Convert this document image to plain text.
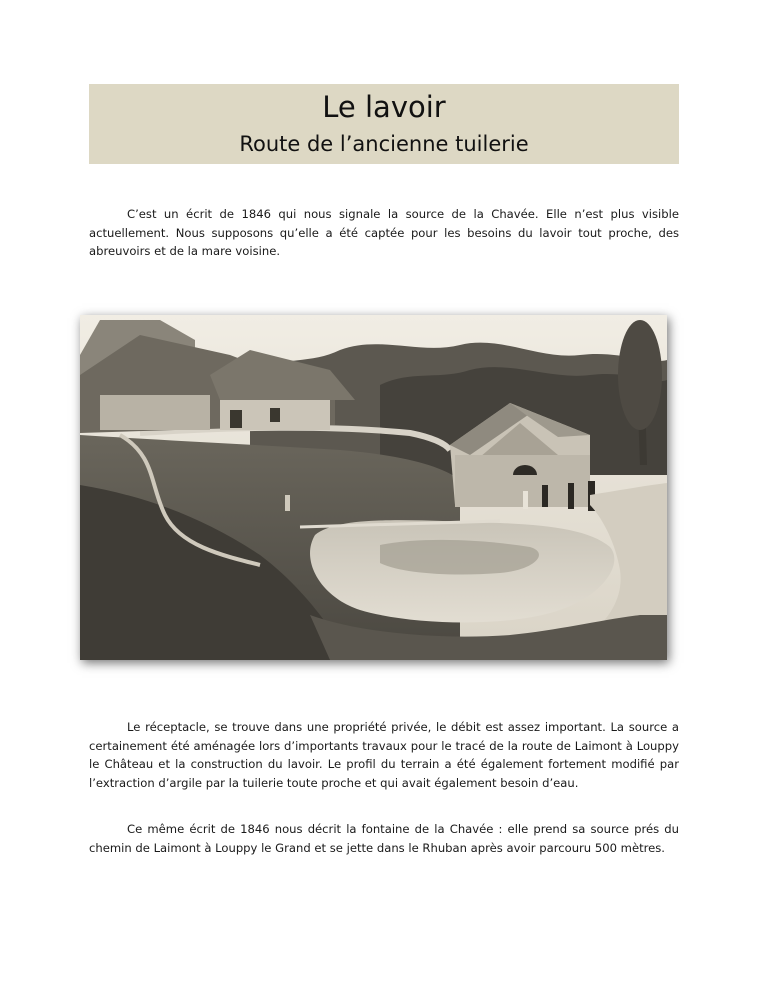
Le lavoir
Route de l’ancienne tuilerie

C’est un écrit de 1846 qui nous signale la source de la Chavée. Elle n’est plus visible actuellement. Nous supposons qu’elle a été captée pour les besoins du lavoir tout proche, des abreuvoirs et de la mare voisine.

Le réceptacle, se trouve dans une propriété privée, le débit est assez important. La source a certainement été aménagée lors d’importants travaux pour le tracé de la route de Laimont à Louppy le Château et la construction du lavoir. Le profil du terrain a été également fortement modifié par l’extraction d’argile par la tuilerie toute proche et qui avait également besoin d’eau.

Ce même écrit de 1846 nous décrit la fontaine de la Chavée : elle prend sa source prés du chemin de Laimont à Louppy le Grand et se jette dans le Rhuban après avoir parcouru 500 mètres.
